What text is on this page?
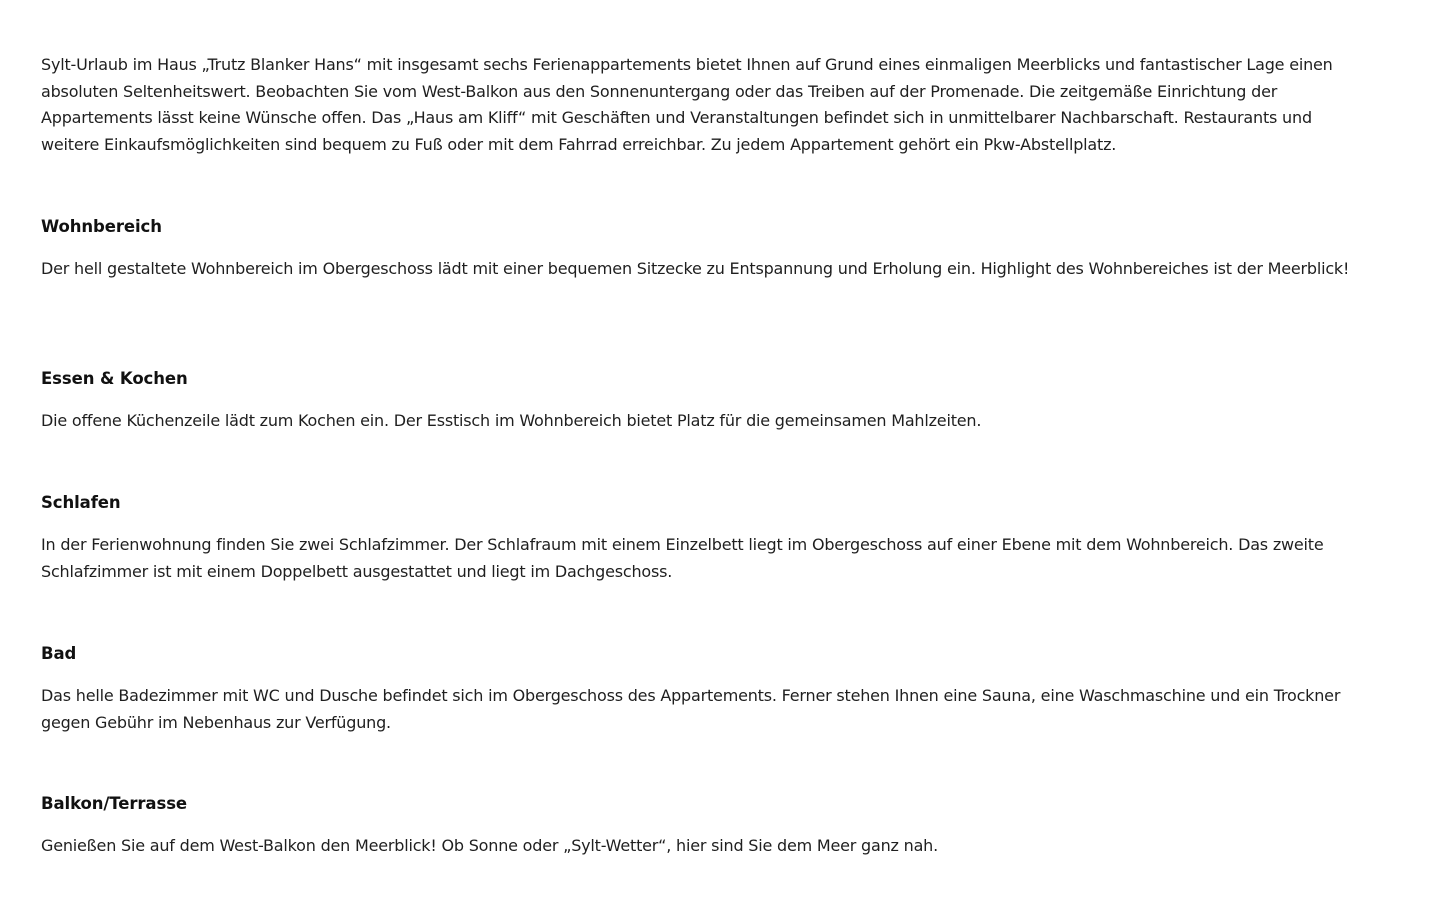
Sylt-Urlaub im Haus „Trutz Blanker Hans“ mit insgesamt sechs Ferienappartements bietet Ihnen auf Grund eines einmaligen Meerblicks und fantastischer Lage einen absoluten Seltenheitswert. Beobachten Sie vom West-Balkon aus den Sonnenuntergang oder das Treiben auf der Promenade. Die zeitgemäße Einrichtung der Appartements lässt keine Wünsche offen. Das „Haus am Kliff“ mit Geschäften und Veranstaltungen befindet sich in unmittelbarer Nachbarschaft. Restaurants und weitere Einkaufsmöglichkeiten sind bequem zu Fuß oder mit dem Fahrrad erreichbar. Zu jedem Appartement gehört ein Pkw-Abstellplatz.

Wohnbereich

Der hell gestaltete Wohnbereich im Obergeschoss lädt mit einer bequemen Sitzecke zu Entspannung und Erholung ein. Highlight des Wohnbereiches ist der Meerblick!

Essen & Kochen

Die offene Küchenzeile lädt zum Kochen ein. Der Esstisch im Wohnbereich bietet Platz für die gemeinsamen Mahlzeiten.

Schlafen

In der Ferienwohnung finden Sie zwei Schlafzimmer. Der Schlafraum mit einem Einzelbett liegt im Obergeschoss auf einer Ebene mit dem Wohnbereich. Das zweite Schlafzimmer ist mit einem Doppelbett ausgestattet und liegt im Dachgeschoss.

Bad

Das helle Badezimmer mit WC und Dusche befindet sich im Obergeschoss des Appartements. Ferner stehen Ihnen eine Sauna, eine Waschmaschine und ein Trockner gegen Gebühr im Nebenhaus zur Verfügung.

Balkon/Terrasse

Genießen Sie auf dem West-Balkon den Meerblick! Ob Sonne oder „Sylt-Wetter“, hier sind Sie dem Meer ganz nah.
